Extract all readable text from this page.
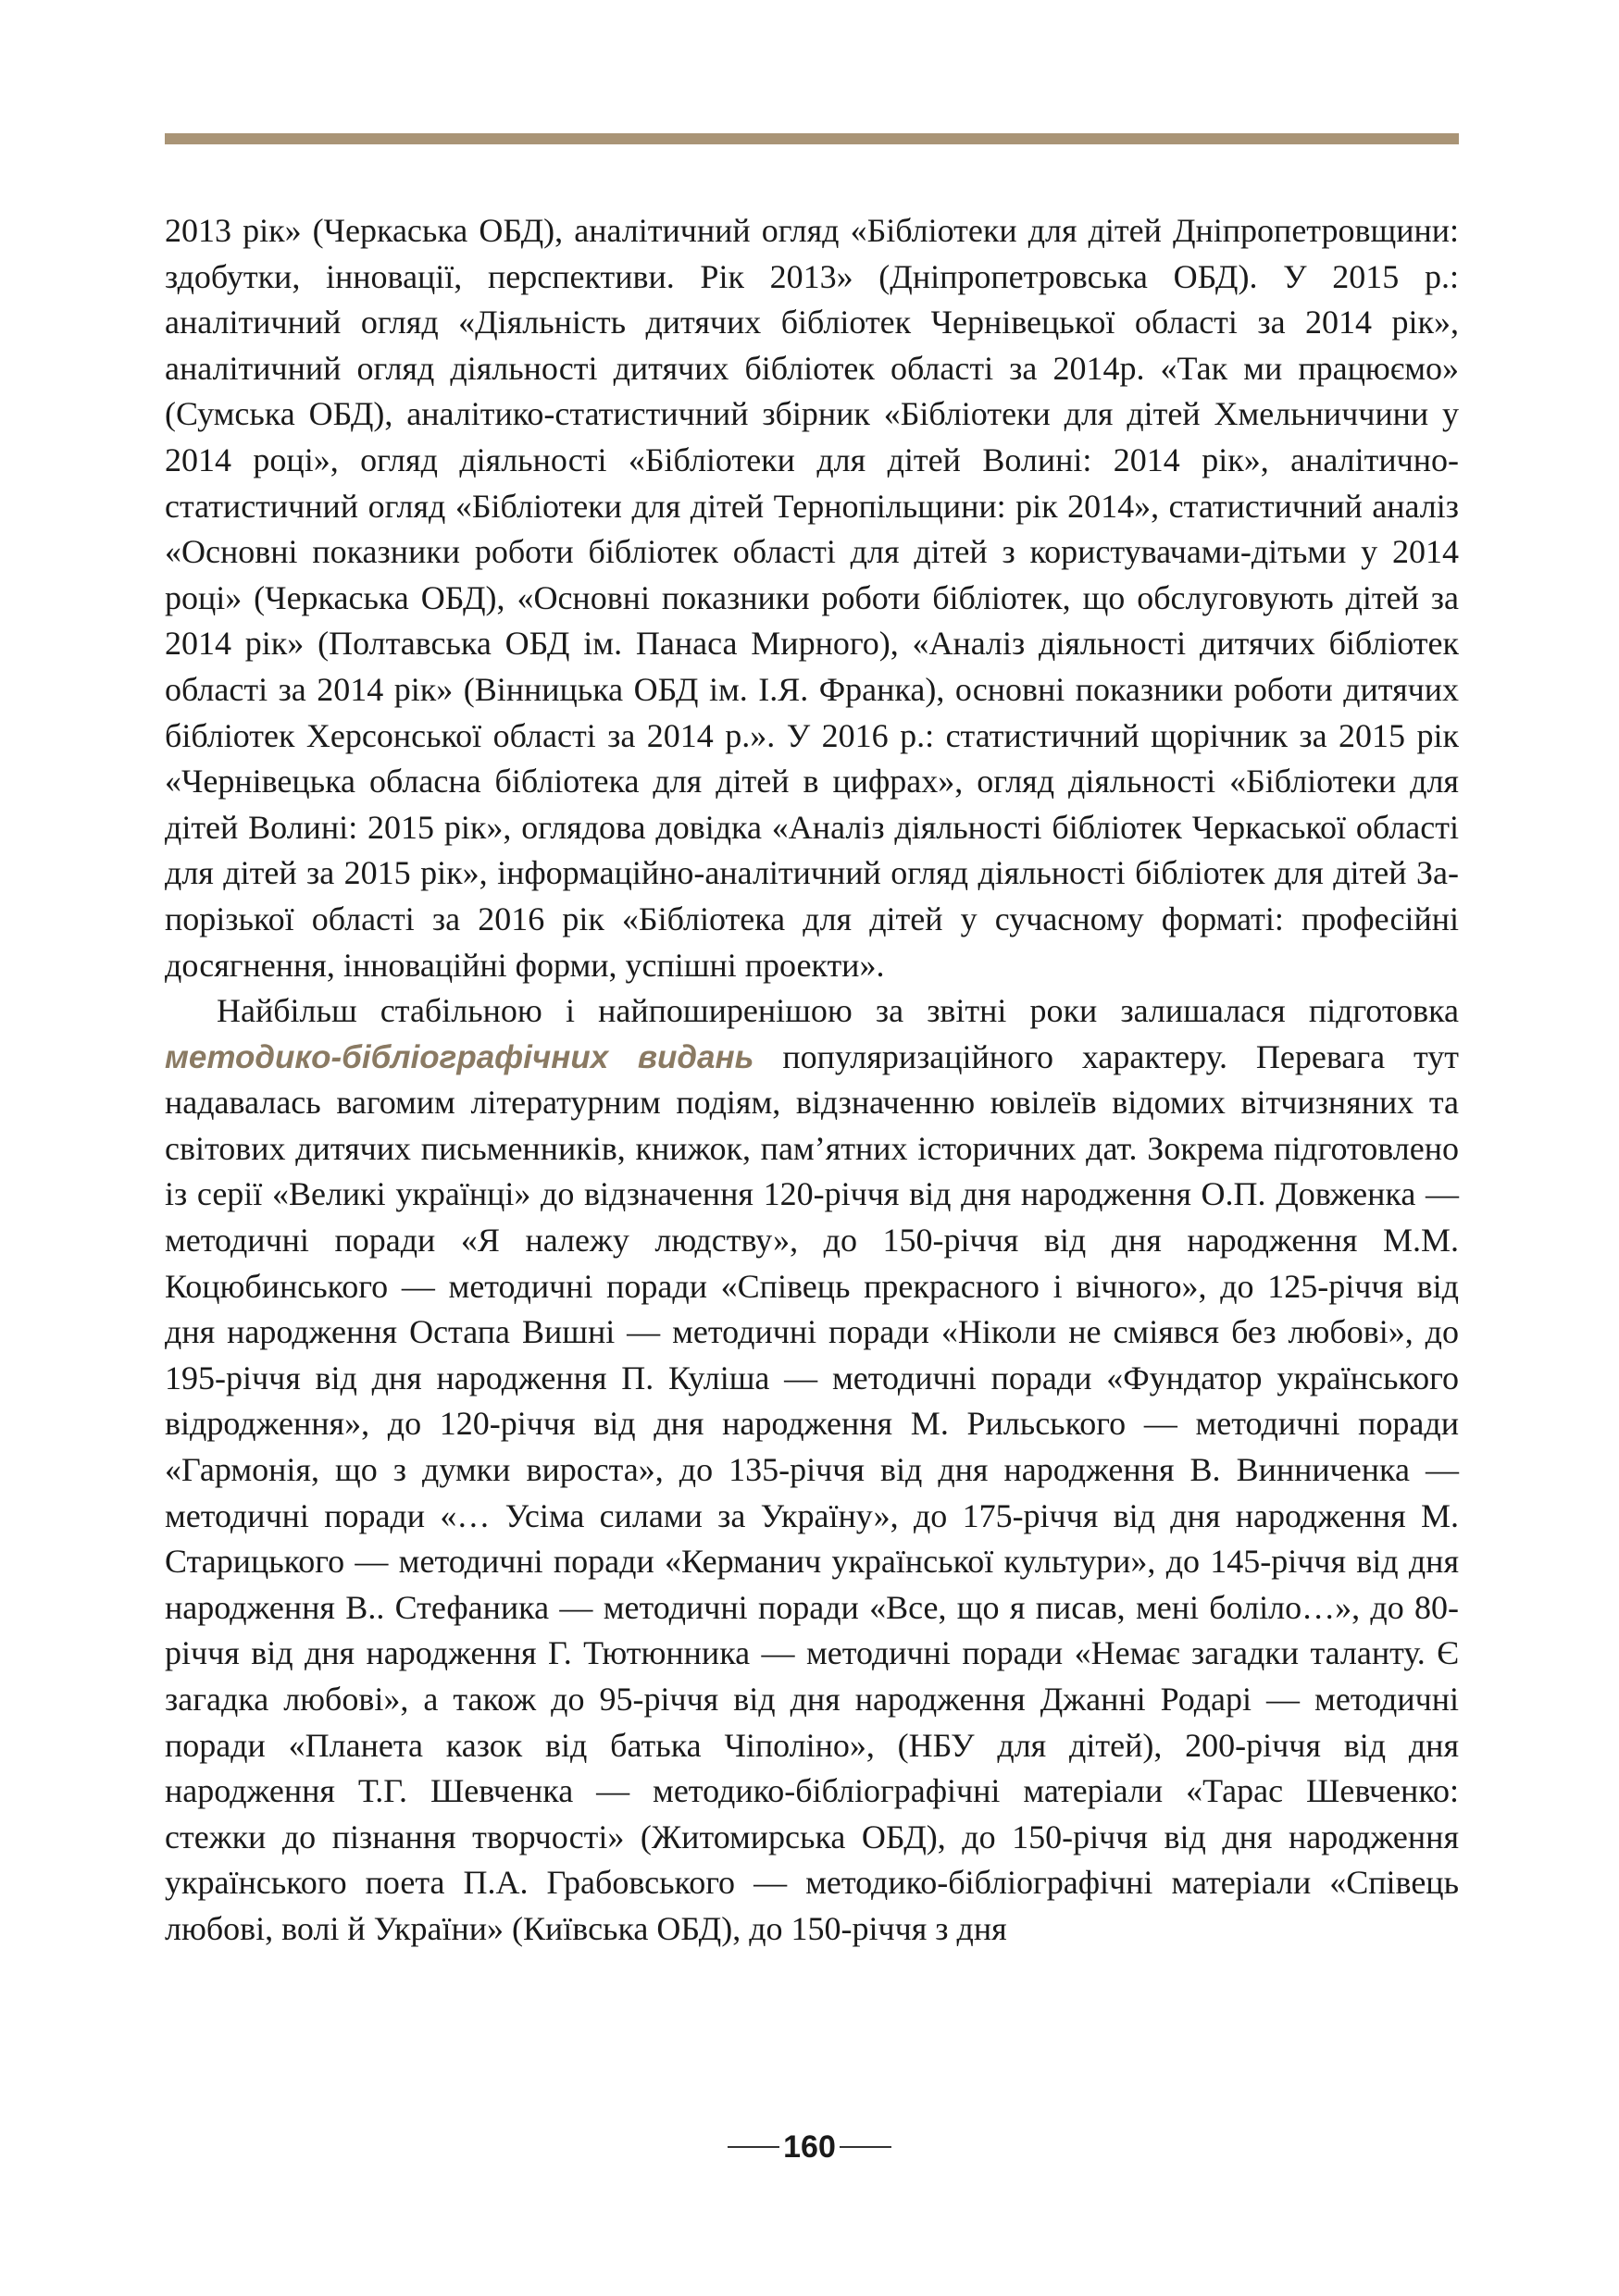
2013 рік» (Черкаська ОБД), аналітичний огляд «Бібліотеки для дітей Дніпропетровщини: здобутки, інновації, перспективи. Рік 2013» (Дніпропетровська ОБД). У 2015 р.: аналітичний огляд «Діяльність дитячих бібліотек Чернівецької області за 2014 рік», аналітичний огляд діяльності дитячих бібліотек області за 2014р. «Так ми працюємо» (Сумська ОБД), аналітико-статистичний збірник «Бібліотеки для дітей Хмельниччини у 2014 році», огляд діяльності «Бібліотеки для дітей Волині: 2014 рік», аналітично-статистичний огляд «Бібліотеки для дітей Тернопільщини: рік 2014», статистичний аналіз «Основні показники роботи бібліотек області для дітей з користувачами-дітьми у 2014 році» (Черкаська ОБД), «Основні показники роботи бібліотек, що обслуговують дітей за 2014 рік» (Полтавська ОБД ім. Панаса Мирного), «Аналіз діяльності дитячих бібліотек області за 2014 рік» (Вінницька ОБД ім. І.Я. Франка), основні показники роботи дитячих бібліотек Херсонської області за 2014 р.». У 2016 р.: статистичний щорічник за 2015 рік «Чернівецька обласна бібліотека для дітей в цифрах», огляд діяльності «Бібліотеки для дітей Волині: 2015 рік», оглядова довідка «Аналіз діяльності бібліотек Черкаської області для дітей за 2015 рік», інформаційно-аналітичний огляд діяльності бібліотек для дітей Запорізької області за 2016 рік «Бібліотека для дітей у сучасному форматі: професійні досягнення, інноваційні форми, успішні проекти».

Найбільш стабільною і найпоширенішою за звітні роки залишалася підготовка методико-бібліографічних видань популяризаційного характеру. Перевага тут надавалась вагомим літературним подіям, відзначенню ювілеїв відомих вітчизняних та світових дитячих письменників, книжок, пам’ятних історичних дат. Зокрема підготовлено із серії «Великі українці» до відзначення 120-річчя від дня народження О.П. Довженка — методичні поради «Я належу людству», до 150-річчя від дня народження М.М. Коцюбинського — методичні поради «Співець прекрасного і вічного», до 125-річчя від дня народження Остапа Вишні — методичні поради «Ніколи не сміявся без любові», до 195-річчя від дня народження П. Куліша — методичні поради «Фундатор українського відродження», до 120-річчя від дня народження М. Рильського — методичні поради «Гармонія, що з думки вироста», до 135-річчя від дня народження В. Винниченка — методичні поради «… Усіма силами за Україну», до 175-річчя від дня народження М. Старицького — методичні поради «Керманич української культури», до 145-річчя від дня народження В.. Стефаника — методичні поради «Все, що я писав, мені боліло…», до 80-річчя від дня народження Г. Тютюнника — методичні поради «Немає загадки таланту. Є загадка любові», а також до 95-річчя від дня народження Джанні Родарі — методичні поради «Планета казок від батька Чіполіно», (НБУ для дітей), 200-річчя від дня народження Т.Г. Шевченка — методико-бібліографічні матеріали «Тарас Шевченко: стежки до пізнання творчості» (Житомирська ОБД), до 150-річчя від дня народження українського поета П.А. Грабовського — методико-бібліографічні матеріали «Співець любові, волі й України» (Київська ОБД), до 150-річчя з дня

160
